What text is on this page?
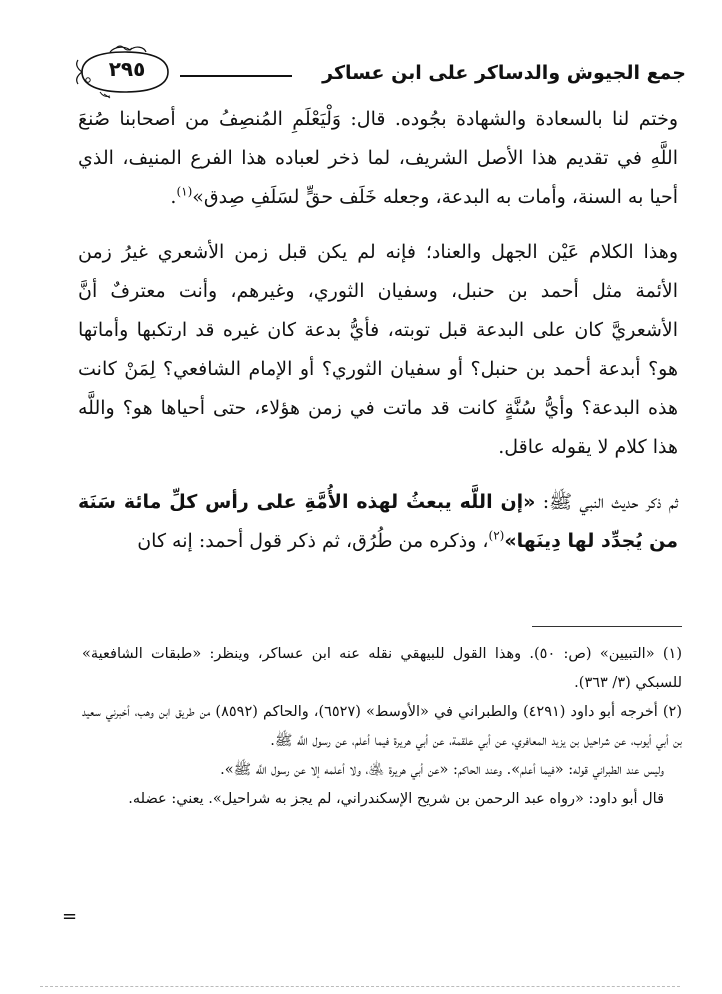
جمع الجيوش والدساكر على ابن عساكر
٢٩٥

وختم لنا بالسعادة والشهادة بجُوده. قال: وَلْيَعْلَمِ المُنصِفُ من أصحابنا صُنعَ اللَّهِ في تقديم هذا الأصل الشريف، لما ذخر لعباده هذا الفرع المنيف، الذي أحيا به السنة، وأمات به البدعة، وجعله خَلَف حقٍّ لسَلَفِ صِدق»$^{(١)}$.

وهذا الكلام عَيْن الجهل والعناد؛ فإنه لم يكن قبل زمن الأشعري غيرُ زمن الأئمة مثل أحمد بن حنبل، وسفيان الثوري، وغيرهم، وأنت معترفٌ أنَّ الأشعريَّ كان على البدعة قبل توبته، فأيُّ بدعة كان غيره قد ارتكبها وأماتها هو؟ أبدعة أحمد بن حنبل؟ أو سفيان الثوري؟ أو الإمام الشافعي؟ لِمَنْ كانت هذه البدعة؟ وأيُّ سُنَّةٍ كانت قد ماتت في زمن هؤلاء، حتى أحياها هو؟ واللَّه هذا كلام لا يقوله عاقل.

ثم ذكر حديث النبي ﷺ: «إن اللَّه يبعثُ لهذه الأُمَّةِ على رأس كلِّ مائة سَنَة من يُجدِّد لها دِينَها»$^{(٢)}$، وذكره من طُرُق، ثم ذكر قول أحمد: إنه كان

(١) «التبيين» (ص: ٥٠). وهذا القول للبيهقي نقله عنه ابن عساكر، وينظر: «طبقات الشافعية» للسبكي (٣/ ٣٦٣).

(٢) أخرجه أبو داود (٤٢٩١) والطبراني في «الأوسط» (٦٥٢٧)، والحاكم (٨٥٩٢) من طريق ابن وهب، أخبرني سعيد بن أبي أيوب، عن شراحيل بن يزيد المعافري، عن أبي علقمة، عن أبي هريرة فيما أعلم، عن رسول اللَّه ﷺ.

وليس عند الطبراني قوله: «فيما أعلم». وعند الحاكم: «عن أبي هريرة ﵁، ولا أعلمه إلا عن رسول اللَّه ﷺ».

قال أبو داود: «رواه عبد الرحمن بن شريح الإسكندراني، لم يجز به شراحيل». يعني: عضله.

=
